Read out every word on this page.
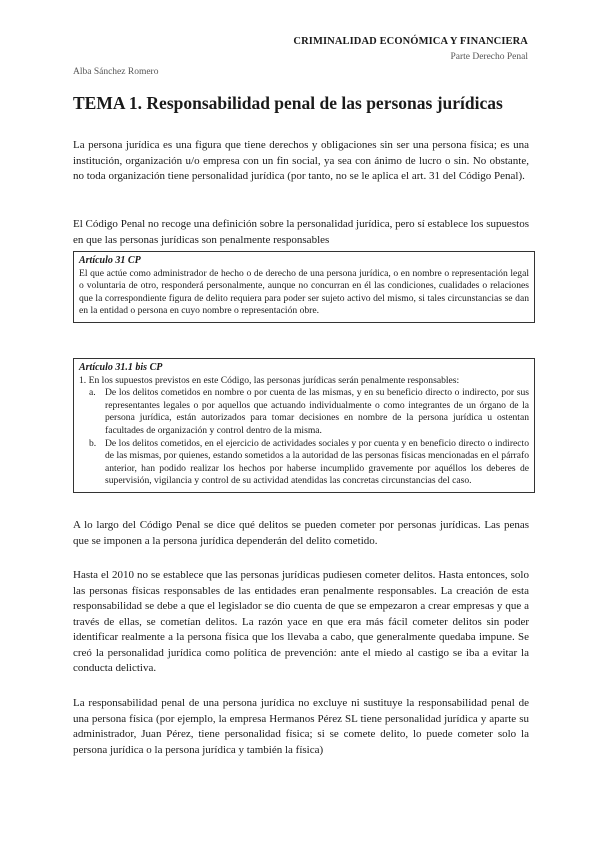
CRIMINALIDAD ECONÓMICA Y FINANCIERA
Parte Derecho Penal
Alba Sánchez Romero
TEMA 1. Responsabilidad penal de las personas jurídicas

La persona jurídica es una figura que tiene derechos y obligaciones sin ser una persona física; es una institución, organización u/o empresa con un fin social, ya sea con ánimo de lucro o sin. No obstante, no toda organización tiene personalidad jurídica (por tanto, no se le aplica el art. 31 del Código Penal).

El Código Penal no recoge una definición sobre la personalidad jurídica, pero sí establece los supuestos en que las personas jurídicas son penalmente responsables

Artículo 31 CP

El que actúe como administrador de hecho o de derecho de una persona jurídica, o en nombre o representación legal o voluntaria de otro, responderá personalmente, aunque no concurran en él las condiciones, cualidades o relaciones que la correspondiente figura de delito requiera para poder ser sujeto activo del mismo, si tales circunstancias se dan en la entidad o persona en cuyo nombre o representación obre.

Artículo 31.1 bis CP

1. En los supuestos previstos en este Código, las personas jurídicas serán penalmente responsables:

a. De los delitos cometidos en nombre o por cuenta de las mismas, y en su beneficio directo o indirecto, por sus representantes legales o por aquellos que actuando individualmente o como integrantes de un órgano de la persona jurídica, están autorizados para tomar decisiones en nombre de la persona jurídica u ostentan facultades de organización y control dentro de la misma.
b. De los delitos cometidos, en el ejercicio de actividades sociales y por cuenta y en beneficio directo o indirecto de las mismas, por quienes, estando sometidos a la autoridad de las personas físicas mencionadas en el párrafo anterior, han podido realizar los hechos por haberse incumplido gravemente por aquéllos los deberes de supervisión, vigilancia y control de su actividad atendidas las concretas circunstancias del caso.

A lo largo del Código Penal se dice qué delitos se pueden cometer por personas jurídicas. Las penas que se imponen a la persona jurídica dependerán del delito cometido.

Hasta el 2010 no se establece que las personas jurídicas pudiesen cometer delitos. Hasta entonces, solo las personas físicas responsables de las entidades eran penalmente responsables. La creación de esta responsabilidad se debe a que el legislador se dio cuenta de que se empezaron a crear empresas y que a través de ellas, se cometían delitos. La razón yace en que era más fácil cometer delitos sin poder identificar realmente a la persona física que los llevaba a cabo, que generalmente quedaba impune. Se creó la personalidad jurídica como política de prevención: ante el miedo al castigo se iba a evitar la conducta delictiva.

La responsabilidad penal de una persona jurídica no excluye ni sustituye la responsabilidad penal de una persona física (por ejemplo, la empresa Hermanos Pérez SL tiene personalidad jurídica y aparte su administrador, Juan Pérez, tiene personalidad física; si se comete delito, lo puede cometer solo la persona jurídica o la persona jurídica y también la física)
